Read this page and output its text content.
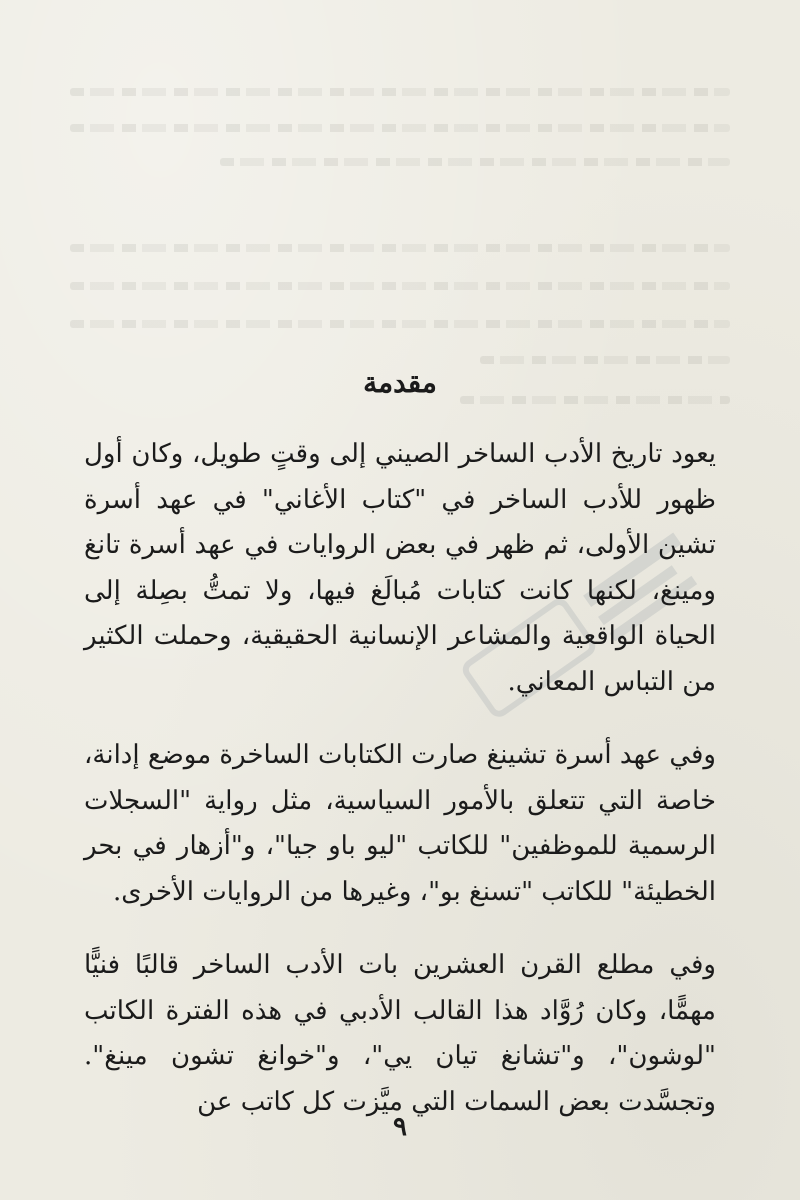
مقدمة

يعود تاريخ الأدب الساخر الصيني إلى وقتٍ طويل، وكان أول ظهور للأدب الساخر في "كتاب الأغاني" في عهد أسرة تشين الأولى، ثم ظهر في بعض الروايات في عهد أسرة تانغ ومينغ، لكنها كانت كتابات مُبالَغ فيها، ولا تمتُّ بصِلة إلى الحياة الواقعية والمشاعر الإنسانية الحقيقية، وحملت الكثير من التباس المعاني.

وفي عهد أسرة تشينغ صارت الكتابات الساخرة موضع إدانة، خاصة التي تتعلق بالأمور السياسية، مثل رواية "السجلات الرسمية للموظفين" للكاتب "ليو باو جيا"، و"أزهار في بحر الخطيئة" للكاتب "تسنغ بو"، وغيرها من الروايات الأخرى.

وفي مطلع القرن العشرين بات الأدب الساخر قالبًا فنيًّا مهمًّا، وكان رُوَّاد هذا القالب الأدبي في هذه الفترة الكاتب "لوشون"، و"تشانغ تيان يي"، و"خوانغ تشون مينغ". وتجسَّدت بعض السمات التي ميَّزت كل كاتب عن

٩
